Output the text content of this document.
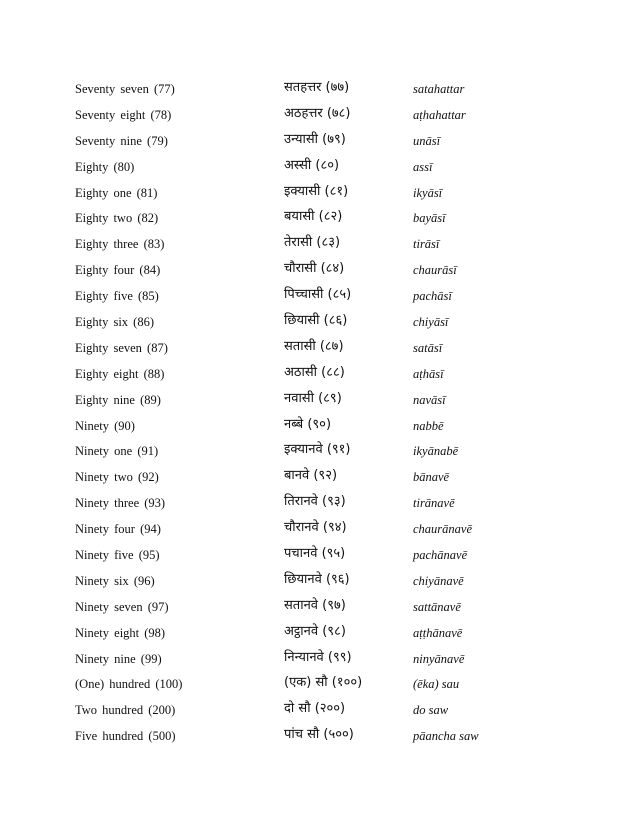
Seventy seven (77)	सतहत्तर (७७)	satahattar
Seventy eight (78)	अठहत्तर (७८)	aṭhahattar
Seventy nine (79)	उन्यासी (७९)	unāsī
Eighty (80)	अस्सी (८०)	assī
Eighty one (81)	इक्यासी (८१)	ikyāsī
Eighty two (82)	बयासी (८२)	bayāsī
Eighty three (83)	तेरासी (८३)	tirāsī
Eighty four (84)	चौरासी (८४)	chaurāsī
Eighty five (85)	पिच्चासी (८५)	pachāsī
Eighty six (86)	छियासी (८६)	chiyāsī
Eighty seven (87)	सतासी (८७)	satāsī
Eighty eight (88)	अठासी (८८)	aṭhāsī
Eighty nine (89)	नवासी (८९)	navāsī
Ninety (90)	नब्बे (९०)	nabbē
Ninety one (91)	इक्यानवे (९१)	ikyānabē
Ninety two (92)	बानवे (९२)	bānavē
Ninety three (93)	तिरानवे (९३)	tirānavē
Ninety four (94)	चौरानवे (९४)	chaurānavē
Ninety five (95)	पचानवे (९५)	pachānavē
Ninety six (96)	छियानवे (९६)	chiyānavē
Ninety seven (97)	सतानवे (९७)	sattānavē
Ninety eight (98)	अट्ठानवे (९८)	aṭṭhānavē
Ninety nine (99)	निन्यानवे (९९)	ninyānavē
(One) hundred (100)	(एक) सौ (१००)	(ēka) sau
Two hundred (200)	दो सौ (२००)	do saw
Five hundred (500)	पांच सौ (५००)	pāancha saw
